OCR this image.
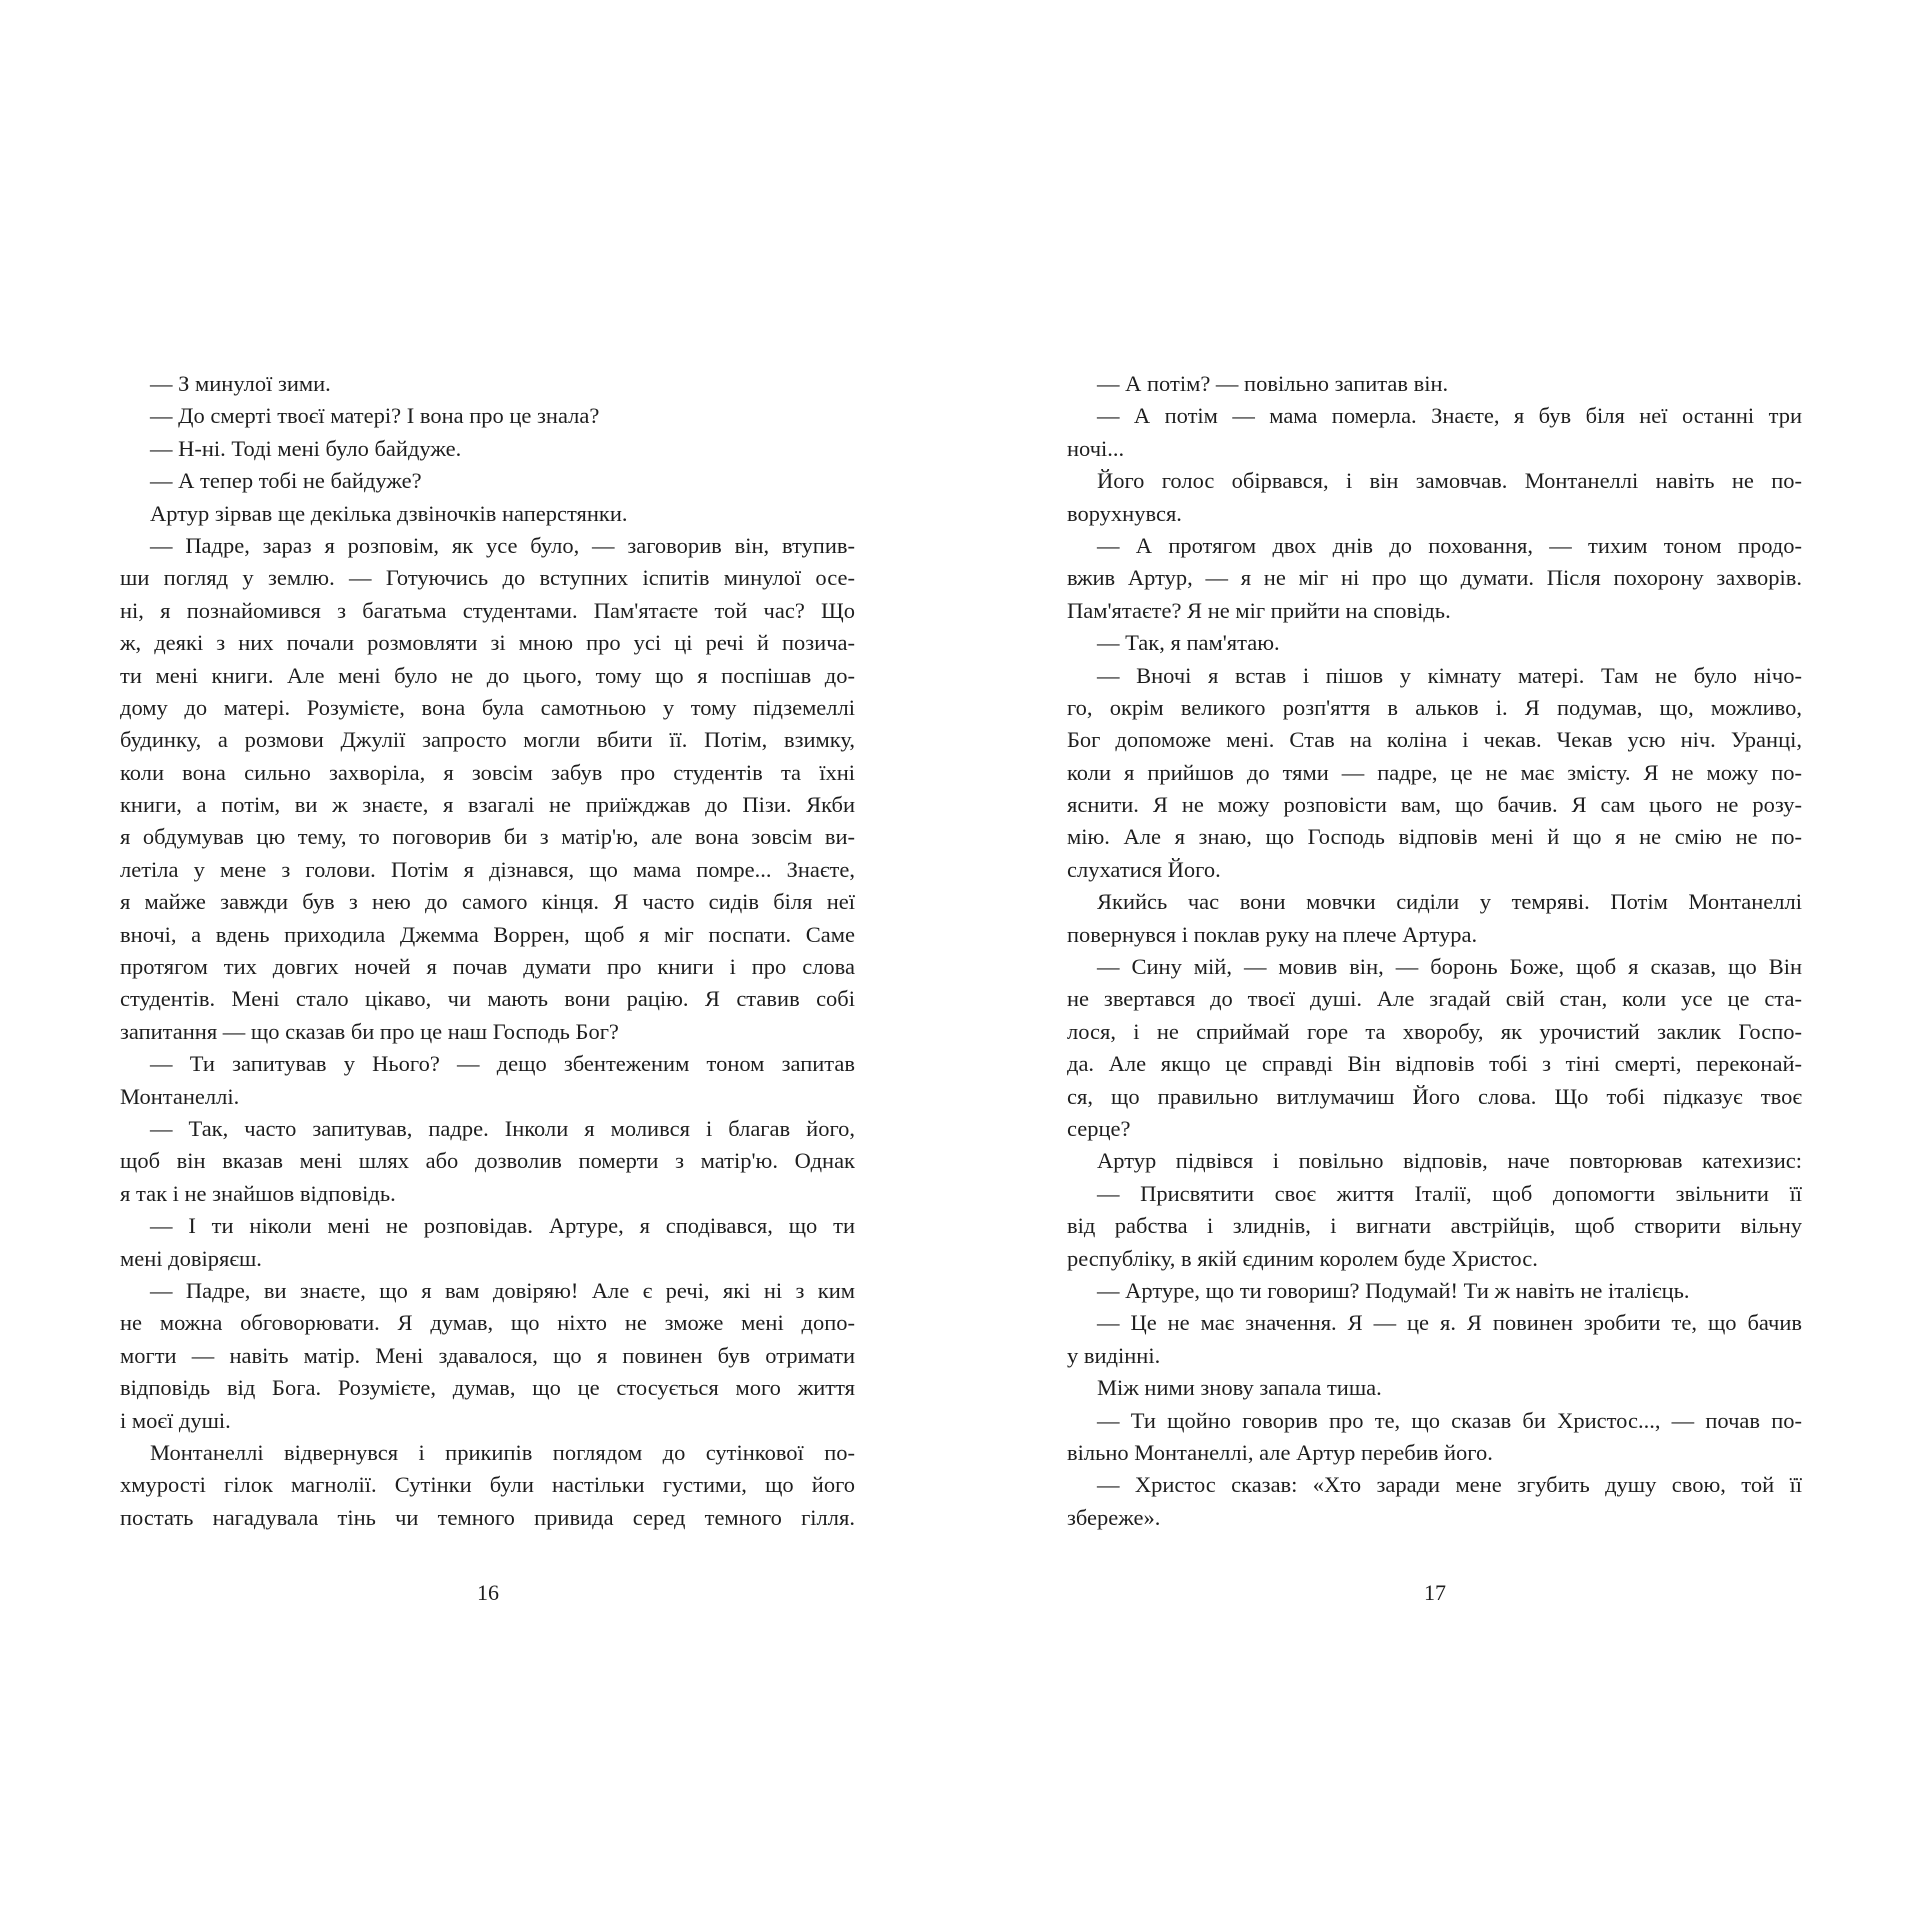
— З минулої зими.
— До смерті твоєї матері? І вона про це знала?
— Н-ні. Тоді мені було байдуже.
— А тепер тобі не байдуже?
Артур зірвав ще декілька дзвіночків наперстянки.
— Падре, зараз я розповім, як усе було, — заговорив він, втупив-
ши погляд у землю. — Готуючись до вступних іспитів минулої осе-
ні, я познайомився з багатьма студентами. Пам'ятаєте той час? Що
ж, деякі з них почали розмовляти зі мною про усі ці речі й позича-
ти мені книги. Але мені було не до цього, тому що я поспішав до-
дому до матері. Розумієте, вона була самотньою у тому підземеллі
будинку, а розмови Джулії запросто могли вбити її. Потім, взимку,
коли вона сильно захворіла, я зовсім забув про студентів та їхні
книги, а потім, ви ж знаєте, я взагалі не приїжджав до Пізи. Якби
я обдумував цю тему, то поговорив би з матір'ю, але вона зовсім ви-
летіла у мене з голови. Потім я дізнався, що мама помре... Знаєте,
я майже завжди був з нею до самого кінця. Я часто сидів біля неї
вночі, а вдень приходила Джемма Воррен, щоб я міг поспати. Саме
протягом тих довгих ночей я почав думати про книги і про слова
студентів. Мені стало цікаво, чи мають вони рацію. Я ставив собі
запитання — що сказав би про це наш Господь Бог?
— Ти запитував у Нього? — дещо збентеженим тоном запитав
Монтанеллі.
— Так, часто запитував, падре. Інколи я молився і благав його,
щоб він вказав мені шлях або дозволив померти з матір'ю. Однак
я так і не знайшов відповідь.
— І ти ніколи мені не розповідав. Артуре, я сподівався, що ти
мені довіряєш.
— Падре, ви знаєте, що я вам довіряю! Але є речі, які ні з ким
не можна обговорювати. Я думав, що ніхто не зможе мені допо-
могти — навіть матір. Мені здавалося, що я повинен був отримати
відповідь від Бога. Розумієте, думав, що це стосується мого життя
і моєї душі.
Монтанеллі відвернувся і прикипів поглядом до сутінкової по-
хмурості гілок магнолії. Сутінки були настільки густими, що його
постать нагадувала тінь чи темного привида серед темного гілля.
— А потім? — повільно запитав він.
— А потім — мама померла. Знаєте, я був біля неї останні три
ночі...
Його голос обірвався, і він замовчав. Монтанеллі навіть не по-
ворухнувся.
— А протягом двох днів до поховання, — тихим тоном продо-
вжив Артур, — я не міг ні про що думати. Після похорону захворів.
Пам'ятаєте? Я не міг прийти на сповідь.
— Так, я пам'ятаю.
— Вночі я встав і пішов у кімнату матері. Там не було нічо-
го, окрім великого розп'яття в альков і. Я подумав, що, можливо,
Бог допоможе мені. Став на коліна і чекав. Чекав усю ніч. Уранці,
коли я прийшов до тями — падре, це не має змісту. Я не можу по-
яснити. Я не можу розповісти вам, що бачив. Я сам цього не розу-
мію. Але я знаю, що Господь відповів мені й що я не смію не по-
слухатися Його.
Якийсь час вони мовчки сиділи у темряві. Потім Монтанеллі
повернувся і поклав руку на плече Артура.
— Сину мій, — мовив він, — боронь Боже, щоб я сказав, що Він
не звертався до твоєї душі. Але згадай свій стан, коли усе це ста-
лося, і не сприймай горе та хворобу, як урочистий заклик Госпо-
да. Але якщо це справді Він відповів тобі з тіні смерті, переконай-
ся, що правильно витлумачиш Його слова. Що тобі підказує твоє
серце?
Артур підвівся і повільно відповів, наче повторював катехизис:
— Присвятити своє життя Італії, щоб допомогти звільнити її
від рабства і злиднів, і вигнати австрійців, щоб створити вільну
республіку, в якій єдиним королем буде Христос.
— Артуре, що ти говориш? Подумай! Ти ж навіть не італієць.
— Це не має значення. Я — це я. Я повинен зробити те, що бачив
у видінні.
Між ними знову запала тиша.
— Ти щойно говорив про те, що сказав би Христос..., — почав по-
вільно Монтанеллі, але Артур перебив його.
— Христос сказав: «Хто заради мене згубить душу свою, той її
збереже».
16	17
